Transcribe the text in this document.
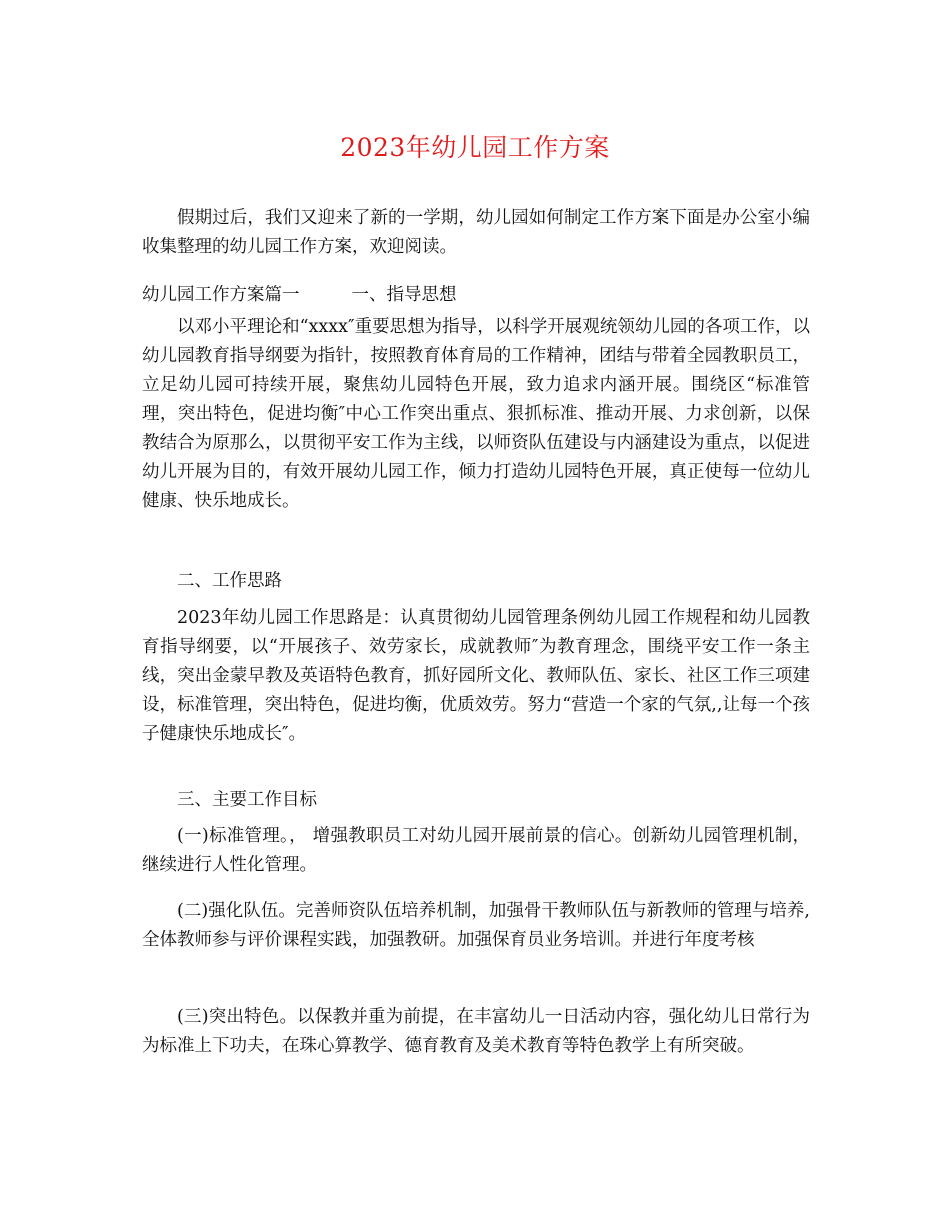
2023年幼儿园工作方案

假期过后，我们又迎来了新的一学期，幼儿园如何制定工作方案下面是办公室小编收集整理的幼儿园工作方案，欢迎阅读。

幼儿园工作方案篇一	一、指导思想

以邓小平理论和“xxxx″重要思想为指导，以科学开展观统领幼儿园的各项工作，以幼儿园教育指导纲要为指针，按照教育体育局的工作精神，团结与带着全园教职员工，立足幼儿园可持续开展，聚焦幼儿园特色开展，致力追求内涵开展。围绕区“标准管理，突出特色，促进均衡″中心工作突出重点、狠抓标准、推动开展、力求创新，以保教结合为原那么，以贯彻平安工作为主线，以师资队伍建设与内涵建设为重点，以促进幼儿开展为目的，有效开展幼儿园工作，倾力打造幼儿园特色开展，真正使每一位幼儿健康、快乐地成长。

二、工作思路

2023年幼儿园工作思路是：认真贯彻幼儿园管理条例幼儿园工作规程和幼儿园教育指导纲要，以“开展孩子、效劳家长，成就教师″为教育理念，围绕平安工作一条主线，突出金蒙早教及英语特色教育，抓好园所文化、教师队伍、家长、社区工作三项建设，标准管理，突出特色，促进均衡，优质效劳。努力“营造一个家的气氛,,让每一个孩子健康快乐地成长″。

三、主要工作目标

(一)标准管理。， 增强教职员工对幼儿园开展前景的信心。创新幼儿园管理机制，继续进行人性化管理。

(二)强化队伍。完善师资队伍培养机制，加强骨干教师队伍与新教师的管理与培养,全体教师参与评价课程实践，加强教研。加强保育员业务培训。并进行年度考核

(三)突出特色。以保教并重为前提，在丰富幼儿一日活动内容，强化幼儿日常行为为标准上下功夫，在珠心算教学、德育教育及美术教育等特色教学上有所突破。
